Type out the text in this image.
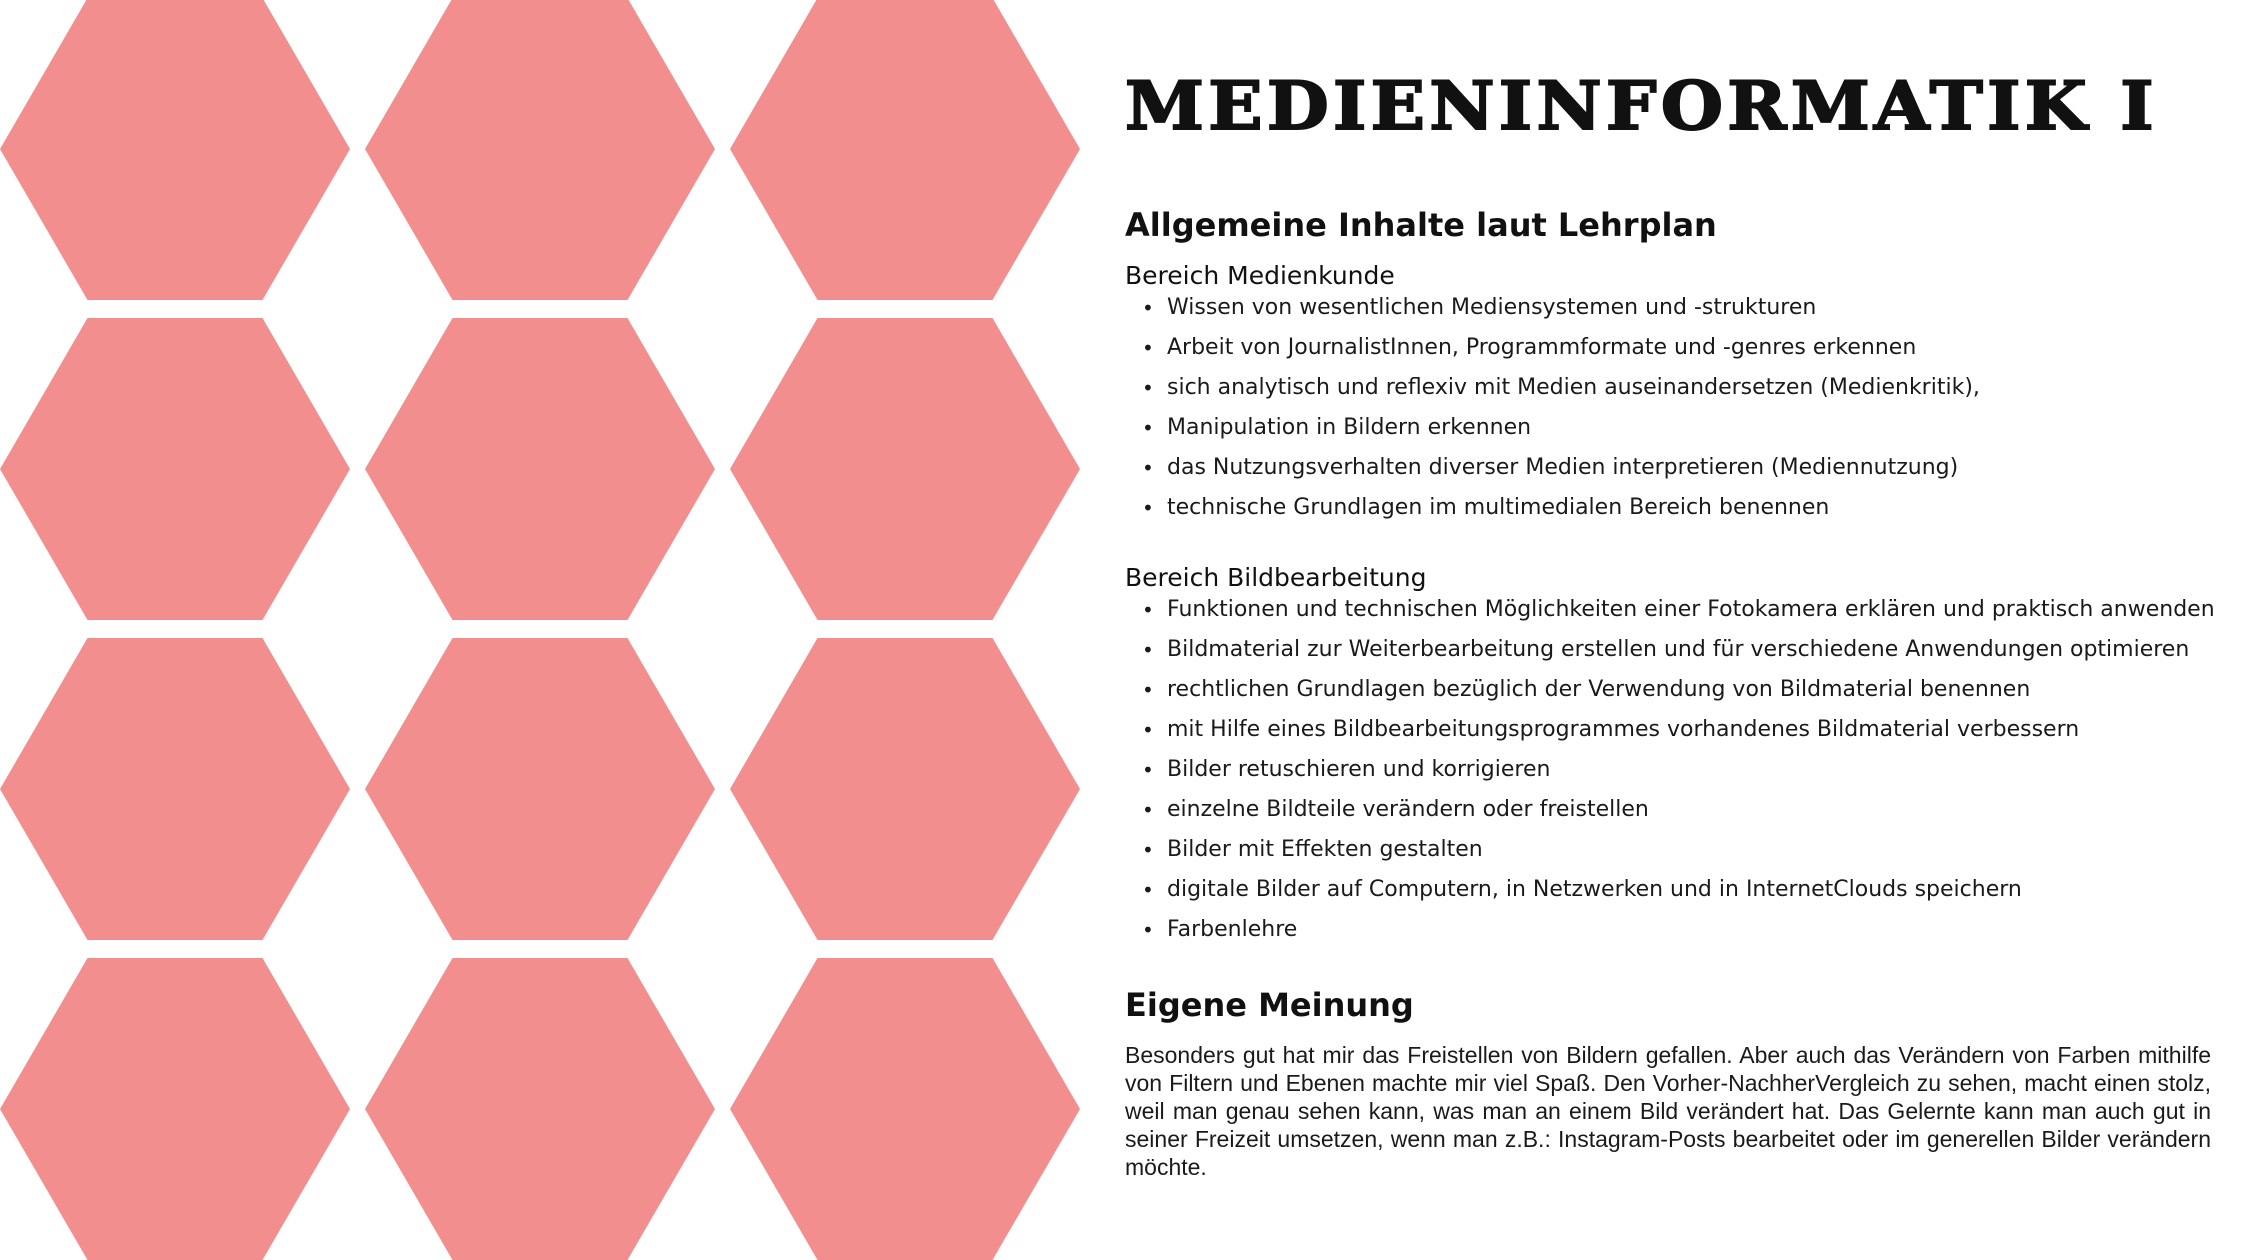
MEDIENINFORMATIK I
Allgemeine Inhalte laut Lehrplan
Bereich Medienkunde
• Wissen von wesentlichen Mediensystemen und -strukturen
• Arbeit von JournalistInnen, Programmformate und -genres erkennen
• sich analytisch und reflexiv mit Medien auseinandersetzen (Medienkritik),
• Manipulation in Bildern erkennen
• das Nutzungsverhalten diverser Medien interpretieren (Mediennutzung)
• technische Grundlagen im multimedialen Bereich benennen
Bereich Bildbearbeitung
• Funktionen und technischen Möglichkeiten einer Fotokamera erklären und praktisch anwenden
• Bildmaterial zur Weiterbearbeitung erstellen und für verschiedene Anwendungen optimieren
• rechtlichen Grundlagen bezüglich der Verwendung von Bildmaterial benennen
• mit Hilfe eines Bildbearbeitungsprogrammes vorhandenes Bildmaterial verbessern
• Bilder retuschieren und korrigieren
• einzelne Bildteile verändern oder freistellen
• Bilder mit Effekten gestalten
• digitale Bilder auf Computern, in Netzwerken und in InternetClouds speichern
• Farbenlehre
Eigene Meinung

Besonders gut hat mir das Freistellen von Bildern gefallen. Aber auch das Verändern von Farben mithilfe von Filtern und Ebenen machte mir viel Spaß. Den Vorher-NachherVergleich zu sehen, macht einen stolz, weil man genau sehen kann, was man an einem Bild verändert hat. Das Gelernte kann man auch gut in seiner Freizeit umsetzen, wenn man z.B.: Instagram-Posts bearbeitet oder im generellen Bilder verändern möchte.
